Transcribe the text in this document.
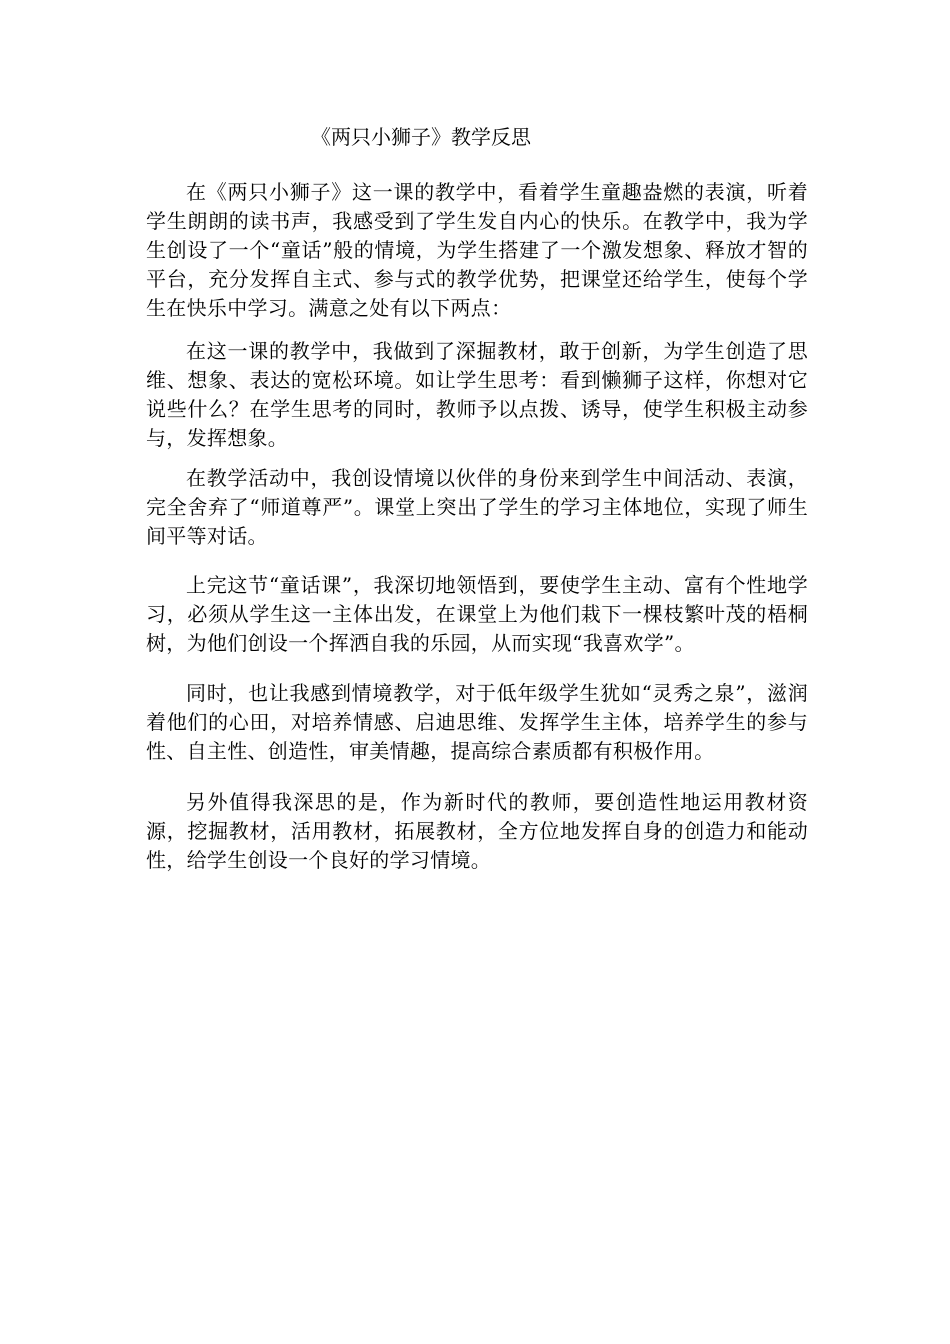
《两只小狮子》教学反思

在《两只小狮子》这一课的教学中，看着学生童趣盎燃的表演，听着学生朗朗的读书声，我感受到了学生发自内心的快乐。在教学中，我为学生创设了一个“童话”般的情境，为学生搭建了一个激发想象、释放才智的平台，充分发挥自主式、参与式的教学优势，把课堂还给学生，使每个学生在快乐中学习。满意之处有以下两点：

在这一课的教学中，我做到了深掘教材，敢于创新，为学生创造了思维、想象、表达的宽松环境。如让学生思考：看到懒狮子这样，你想对它说些什么？在学生思考的同时，教师予以点拨、诱导，使学生积极主动参与，发挥想象。

在教学活动中，我创设情境以伙伴的身份来到学生中间活动、表演，完全舍弃了“师道尊严”。课堂上突出了学生的学习主体地位，实现了师生间平等对话。

上完这节“童话课”，我深切地领悟到，要使学生主动、富有个性地学习，必须从学生这一主体出发，在课堂上为他们栽下一棵枝繁叶茂的梧桐树，为他们创设一个挥洒自我的乐园，从而实现“我喜欢学”。

同时，也让我感到情境教学，对于低年级学生犹如“灵秀之泉”，滋润着他们的心田，对培养情感、启迪思维、发挥学生主体，培养学生的参与性、自主性、创造性，审美情趣，提高综合素质都有积极作用。

另外值得我深思的是，作为新时代的教师，要创造性地运用教材资源，挖掘教材，活用教材，拓展教材，全方位地发挥自身的创造力和能动性，给学生创设一个良好的学习情境。
